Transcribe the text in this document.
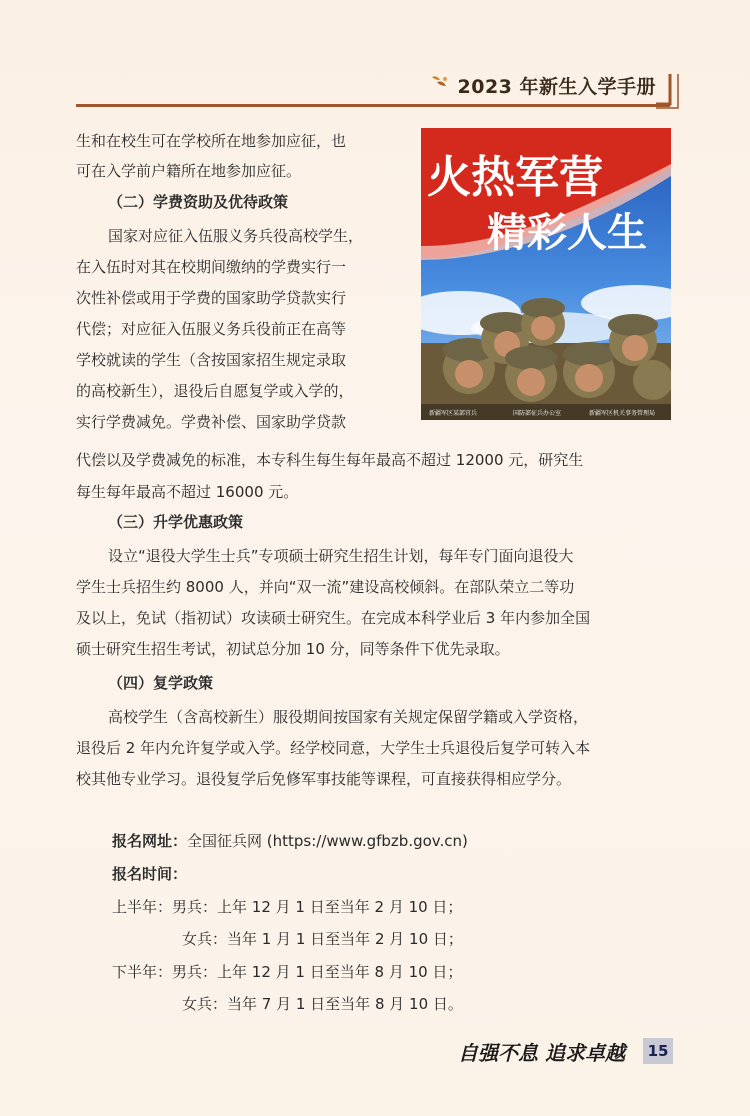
2023 年新生入学手册
火热军营
精彩人生
新疆军区某部官兵	国防部征兵办公室	新疆军区机关事务管理局
生和在校生可在学校所在地参加应征，也
可在入学前户籍所在地参加应征。
（二）学费资助及优待政策
国家对应征入伍服义务兵役高校学生，
在入伍时对其在校期间缴纳的学费实行一
次性补偿或用于学费的国家助学贷款实行
代偿；对应征入伍服义务兵役前正在高等
学校就读的学生（含按国家招生规定录取
的高校新生），退役后自愿复学或入学的，
实行学费减免。学费补偿、国家助学贷款
代偿以及学费减免的标准，本专科生每生每年最高不超过 12000 元，研究生
每生每年最高不超过 16000 元。
（三）升学优惠政策
设立“退役大学生士兵”专项硕士研究生招生计划，每年专门面向退役大
学生士兵招生约 8000 人，并向“双一流”建设高校倾斜。在部队荣立二等功
及以上，免试（指初试）攻读硕士研究生。在完成本科学业后 3 年内参加全国
硕士研究生招生考试，初试总分加 10 分，同等条件下优先录取。
（四）复学政策
高校学生（含高校新生）服役期间按国家有关规定保留学籍或入学资格，
退役后 2 年内允许复学或入学。经学校同意，大学生士兵退役后复学可转入本
校其他专业学习。退役复学后免修军事技能等课程，可直接获得相应学分。
报名网址：全国征兵网 (https://www.gfbzb.gov.cn)
报名时间：
上半年：男兵：上年 12 月 1 日至当年 2 月 10 日；
女兵：当年 1 月 1 日至当年 2 月 10 日；
下半年：男兵：上年 12 月 1 日至当年 8 月 10 日；
女兵：当年 7 月 1 日至当年 8 月 10 日。
自强不息 追求卓越	15
